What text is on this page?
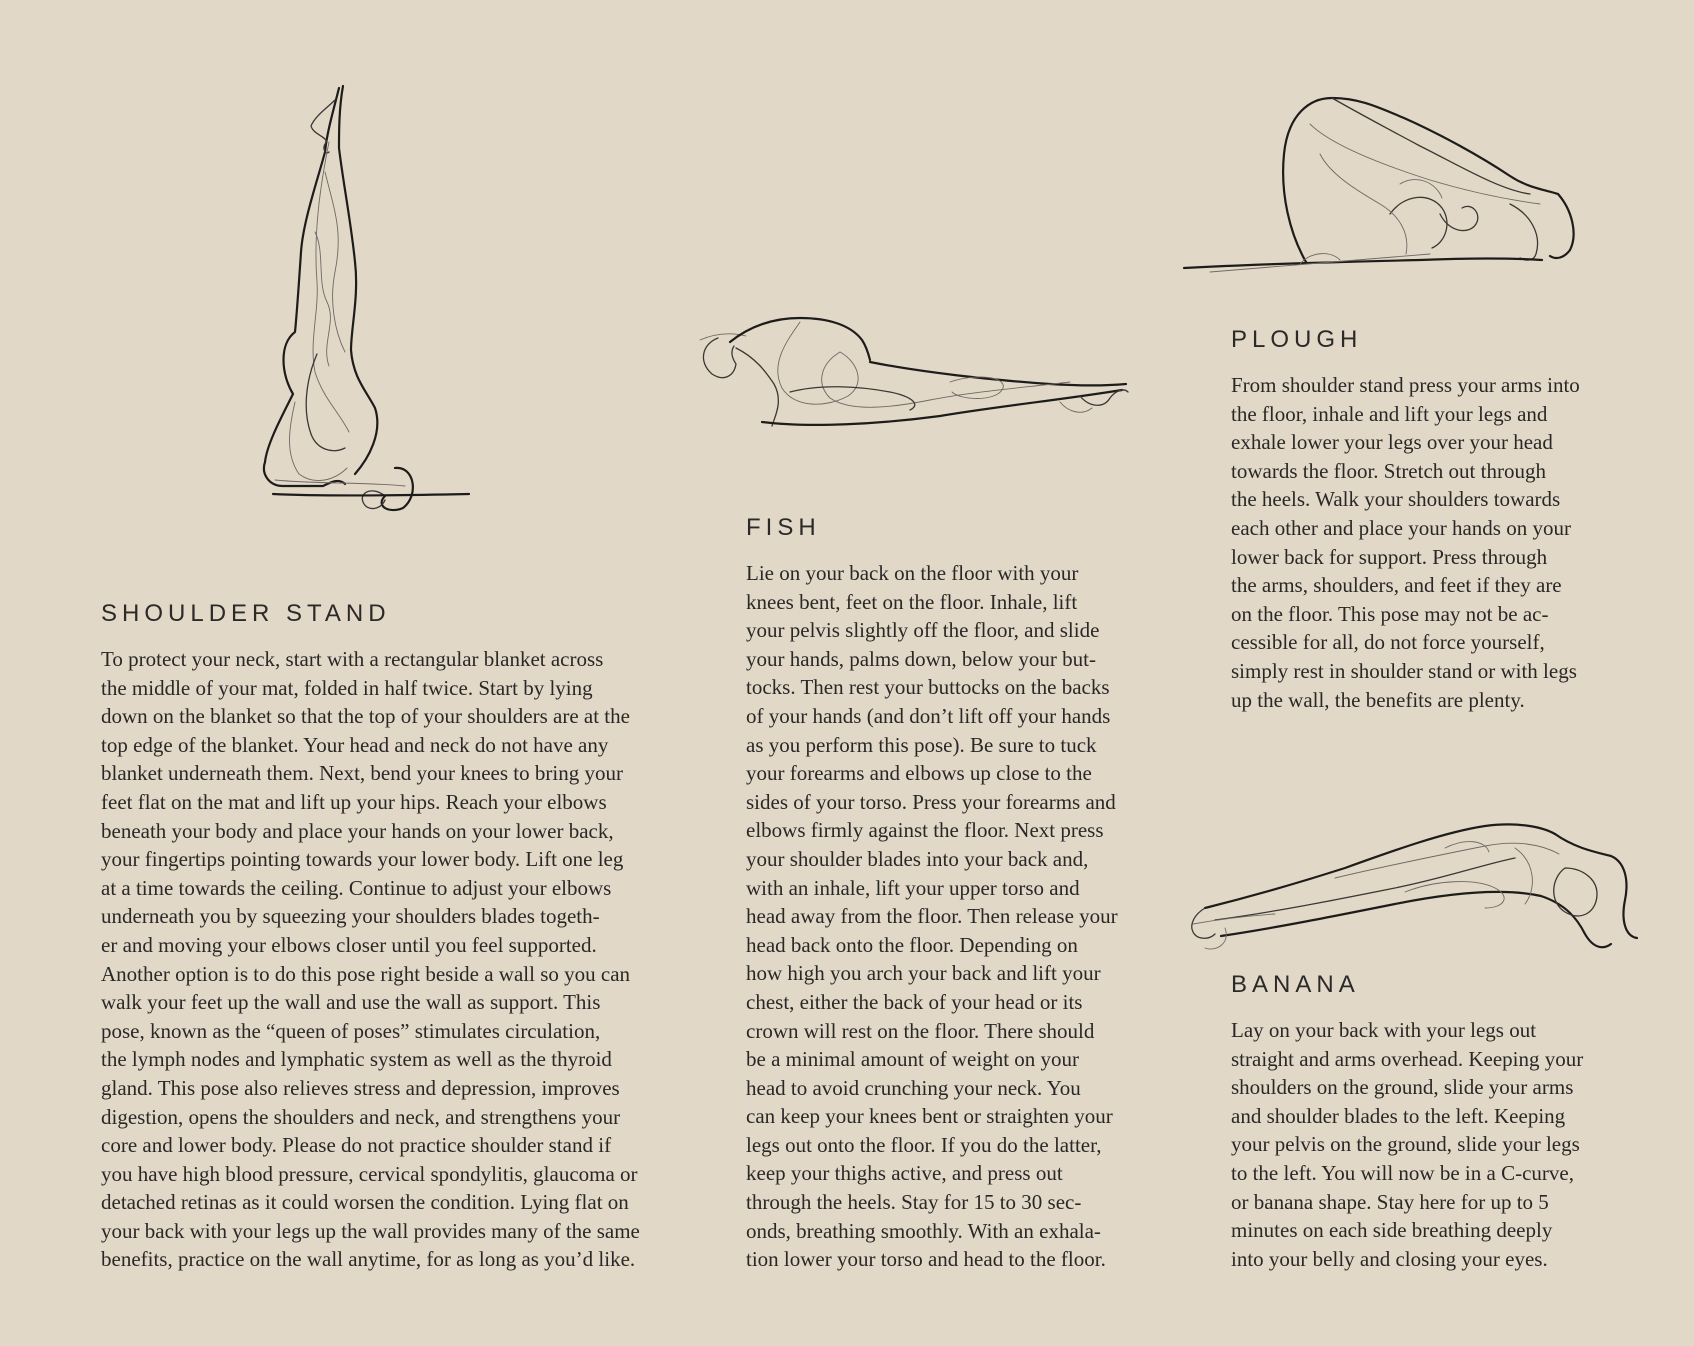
SHOULDER STAND
To protect your neck, start with a rectangular blanket across
the middle of your mat, folded in half twice. Start by lying
down on the blanket so that the top of your shoulders are at the
top edge of the blanket. Your head and neck do not have any
blanket underneath them. Next, bend your knees to bring your
feet flat on the mat and lift up your hips. Reach your elbows
beneath your body and place your hands on your lower back,
your fingertips pointing towards your lower body. Lift one leg
at a time towards the ceiling. Continue to adjust your elbows
underneath you by squeezing your shoulders blades togeth-
er and moving your elbows closer until you feel supported.
Another option is to do this pose right beside a wall so you can
walk your feet up the wall and use the wall as support. This
pose, known as the “queen of poses” stimulates circulation,
the lymph nodes and lymphatic system as well as the thyroid
gland. This pose also relieves stress and depression, improves
digestion, opens the shoulders and neck, and strengthens your
core and lower body. Please do not practice shoulder stand if
you have high blood pressure, cervical spondylitis, glaucoma or
detached retinas as it could worsen the condition. Lying flat on
your back with your legs up the wall provides many of the same
benefits, practice on the wall anytime, for as long as you’d like.
FISH
Lie on your back on the floor with your
knees bent, feet on the floor. Inhale, lift
your pelvis slightly off the floor, and slide
your hands, palms down, below your but-
tocks. Then rest your buttocks on the backs
of your hands (and don’t lift off your hands
as you perform this pose). Be sure to tuck
your forearms and elbows up close to the
sides of your torso. Press your forearms and
elbows firmly against the floor. Next press
your shoulder blades into your back and,
with an inhale, lift your upper torso and
head away from the floor. Then release your
head back onto the floor. Depending on
how high you arch your back and lift your
chest, either the back of your head or its
crown will rest on the floor. There should
be a minimal amount of weight on your
head to avoid crunching your neck. You
can keep your knees bent or straighten your
legs out onto the floor. If you do the latter,
keep your thighs active, and press out
through the heels. Stay for 15 to 30 sec-
onds, breathing smoothly. With an exhala-
tion lower your torso and head to the floor.
PLOUGH
From shoulder stand press your arms into
the floor, inhale and lift your legs and
exhale lower your legs over your head
towards the floor. Stretch out through
the heels. Walk your shoulders towards
each other and place your hands on your
lower back for support. Press through
the arms, shoulders, and feet if they are
on the floor. This pose may not be ac-
cessible for all, do not force yourself,
simply rest in shoulder stand or with legs
up the wall, the benefits are plenty.
BANANA
Lay on your back with your legs out
straight and arms overhead. Keeping your
shoulders on the ground, slide your arms
and shoulder blades to the left. Keeping
your pelvis on the ground, slide your legs
to the left. You will now be in a C-curve,
or banana shape. Stay here for up to 5
minutes on each side breathing deeply
into your belly and closing your eyes.
